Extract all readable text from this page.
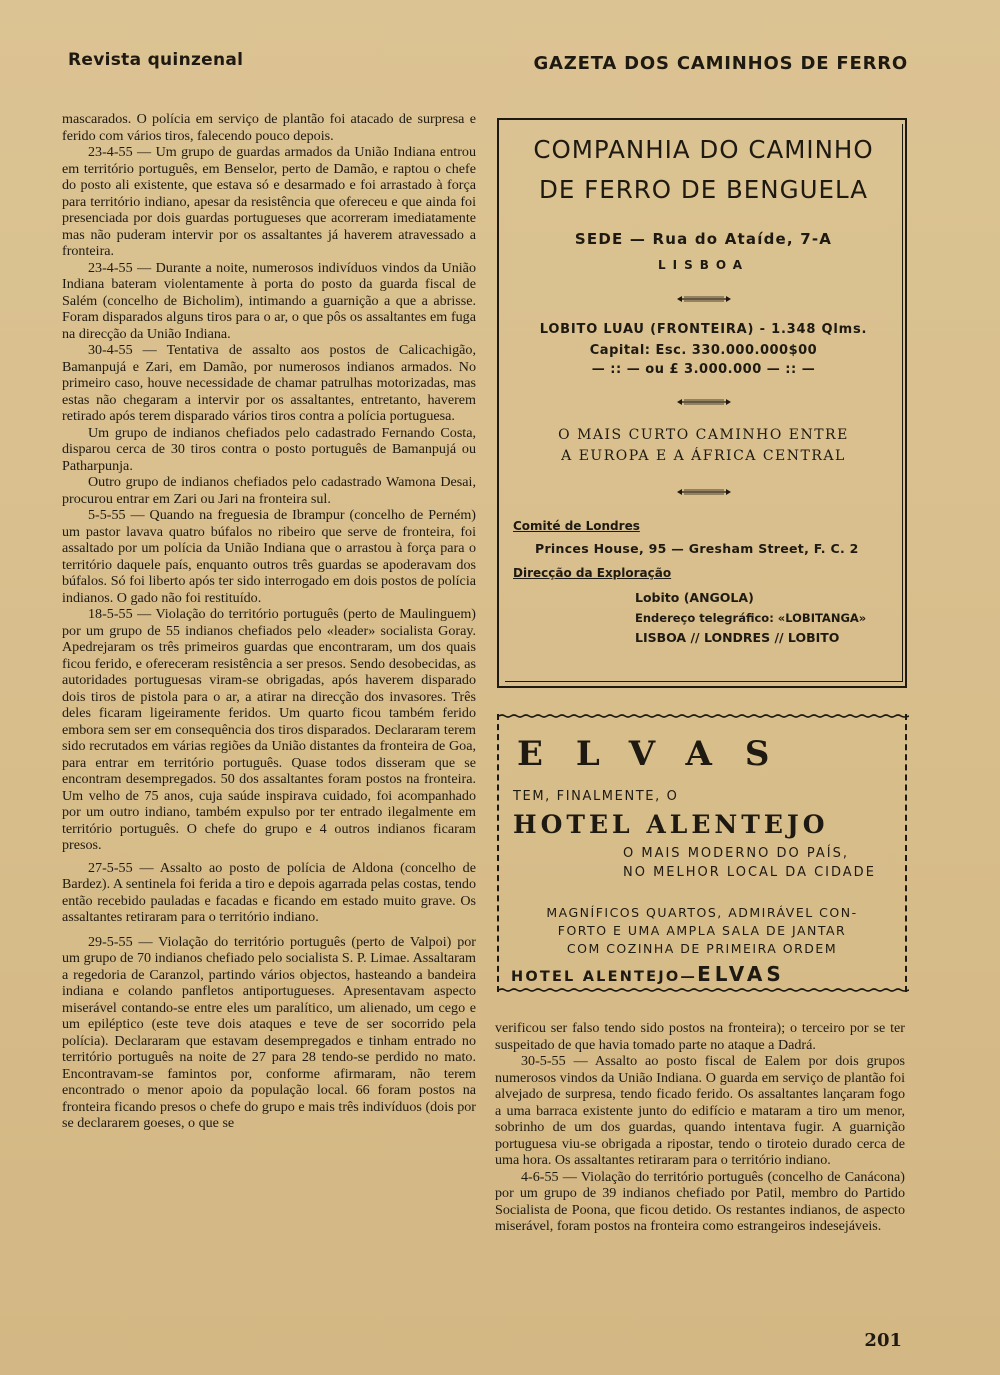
Revista quinzenal	GAZETA DOS CAMINHOS DE FERRO

mascarados. O polícia em serviço de plantão foi atacado de surpresa e ferido com vários tiros, falecendo pouco depois.

23-4-55 — Um grupo de guardas armados da União Indiana entrou em território português, em Benselor, perto de Damão, e raptou o chefe do posto ali existente, que estava só e desarmado e foi arrastado à força para território indiano, apesar da resistência que ofereceu e que ainda foi presenciada por dois guardas portugueses que acorreram imediatamente mas não puderam intervir por os assaltantes já haverem atravessado a fronteira.

23-4-55 — Durante a noite, numerosos indivíduos vindos da União Indiana bateram violentamente à porta do posto da guarda fiscal de Salém (concelho de Bicholim), intimando a guarnição a que a abrisse. Foram disparados alguns tiros para o ar, o que pôs os assaltantes em fuga na direcção da União Indiana.

30-4-55 — Tentativa de assalto aos postos de Calicachigão, Bamanpujá e Zari, em Damão, por numerosos indianos armados. No primeiro caso, houve necessidade de chamar patrulhas motorizadas, mas estas não chegaram a intervir por os assaltantes, entretanto, haverem retirado após terem disparado vários tiros contra a polícia portuguesa.

Um grupo de indianos chefiados pelo cadastrado Fernando Costa, disparou cerca de 30 tiros contra o posto português de Bamanpujá ou Patharpunja.

Outro grupo de indianos chefiados pelo cadastrado Wamona Desai, procurou entrar em Zari ou Jari na fronteira sul.

5-5-55 — Quando na freguesia de Ibrampur (concelho de Perném) um pastor lavava quatro búfalos no ribeiro que serve de fronteira, foi assaltado por um polícia da União Indiana que o arrastou à força para o território daquele país, enquanto outros três guardas se apoderavam dos búfalos. Só foi liberto após ter sido interrogado em dois postos de polícia indianos. O gado não foi restituído.

18-5-55 — Violação do território português (perto de Maulinguem) por um grupo de 55 indianos chefiados pelo «leader» socialista Goray. Apedrejaram os três primeiros guardas que encontraram, um dos quais ficou ferido, e ofereceram resistência a ser presos. Sendo desobecidas, as autoridades portuguesas viram-se obrigadas, após haverem disparado dois tiros de pistola para o ar, a atirar na direcção dos invasores. Três deles ficaram ligeiramente feridos. Um quarto ficou também ferido embora sem ser em consequência dos tiros disparados. Declararam terem sido recrutados em várias regiões da União distantes da fronteira de Goa, para entrar em território português. Quase todos disseram que se encontram desempregados. 50 dos assaltantes foram postos na fronteira. Um velho de 75 anos, cuja saúde inspirava cuidado, foi acompanhado por um outro indiano, também expulso por ter entrado ilegalmente em território português. O chefe do grupo e 4 outros indianos ficaram presos.

27-5-55 — Assalto ao posto de polícia de Aldona (concelho de Bardez). A sentinela foi ferida a tiro e depois agarrada pelas costas, tendo então recebido pauladas e facadas e ficando em estado muito grave. Os assaltantes retiraram para o território indiano.

29-5-55 — Violação do território português (perto de Valpoi) por um grupo de 70 indianos chefiado pelo socialista S. P. Limae. Assaltaram a regedoria de Caranzol, partindo vários objectos, hasteando a bandeira indiana e colando panfletos antiportugueses. Apresentavam aspecto miserável contando-se entre eles um paralítico, um alienado, um cego e um epiléptico (este teve dois ataques e teve de ser socorrido pela polícia). Declararam que estavam desempregados e tinham entrado no território português na noite de 27 para 28 tendo-se perdido no mato. Encontravam-se famintos por, conforme afirmaram, não terem encontrado o menor apoio da população local. 66 foram postos na fronteira ficando presos o chefe do grupo e mais três indivíduos (dois por se declararem goeses, o que se

COMPANHIA DO CAMINHO
DE FERRO DE BENGUELA
SEDE — Rua do Ataíde, 7-A
LISBOA
LOBITO LUAU (FRONTEIRA) - 1.348 Qlms.
Capital: Esc. 330.000.000$00
— :: — ou £ 3.000.000 — :: —
O MAIS CURTO CAMINHO ENTRE
A EUROPA E A ÁFRICA CENTRAL
Comité de Londres
Princes House, 95 — Gresham Street, F. C. 2
Direcção da Exploração
Lobito (ANGOLA)
Endereço telegráfico: «LOBITANGA»
LISBOA // LONDRES // LOBITO
ELVAS
TEM, FINALMENTE, O
HOTEL ALENTEJO
O MAIS MODERNO DO PAÍS,
NO MELHOR LOCAL DA CIDADE
MAGNÍFICOS QUARTOS, ADMIRÁVEL CON-
FORTO E UMA AMPLA SALA DE JANTAR
COM COZINHA DE PRIMEIRA ORDEM
HOTEL ALENTEJO—ELVAS

verificou ser falso tendo sido postos na fronteira); o terceiro por se ter suspeitado de que havia tomado parte no ataque a Dadrá.

30-5-55 — Assalto ao posto fiscal de Ealem por dois grupos numerosos vindos da União Indiana. O guarda em serviço de plantão foi alvejado de surpresa, tendo ficado ferido. Os assaltantes lançaram fogo a uma barraca existente junto do edifício e mataram a tiro um menor, sobrinho de um dos guardas, quando intentava fugir. A guarnição portuguesa viu-se obrigada a ripostar, tendo o tiroteio durado cerca de uma hora. Os assaltantes retiraram para o território indiano.

4-6-55 — Violação do território português (concelho de Canácona) por um grupo de 39 indianos chefiado por Patil, membro do Partido Socialista de Poona, que ficou detido. Os restantes indianos, de aspecto miserável, foram postos na fronteira como estrangeiros indesejáveis.

201
